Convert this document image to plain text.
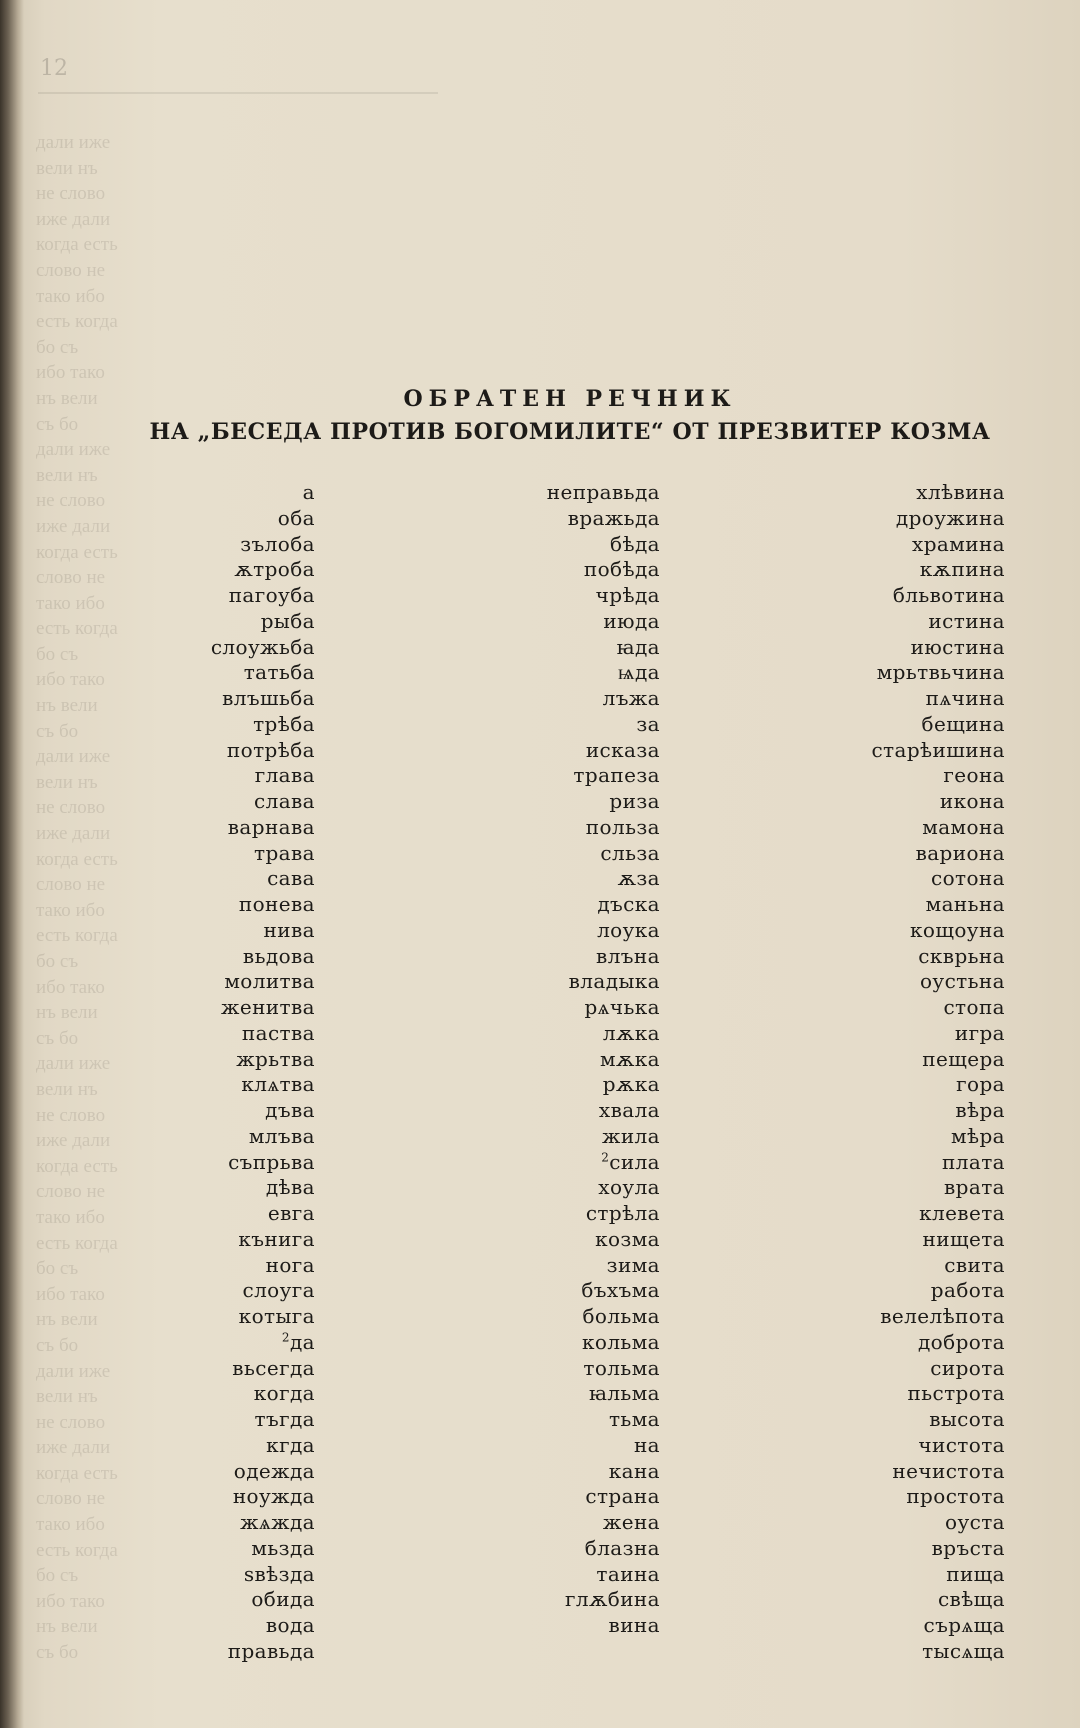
12
дали иже
вели нъ
не слово
иже дали
когда есть
слово не
тако ибо
есть когда
бо съ
ибо тако
нъ вели
съ бо
дали иже
вели нъ
не слово
иже дали
когда есть
слово не
тако ибо
есть когда
бо съ
ибо тако
нъ вели
съ бо
дали иже
вели нъ
не слово
иже дали
когда есть
слово не
тако ибо
есть когда
бо съ
ибо тако
нъ вели
съ бо
дали иже
вели нъ
не слово
иже дали
когда есть
слово не
тако ибо
есть когда
бо съ
ибо тако
нъ вели
съ бо
дали иже
вели нъ
не слово
иже дали
когда есть
слово не
тако ибо
есть когда
бо съ
ибо тако
нъ вели
съ бо
ОБРАТЕН РЕЧНИК
НА „БЕСЕДА ПРОТИВ БОГОМИЛИТЕ“ ОТ ПРЕЗВИТЕР КОЗМА
а
оба
зълоба
ѫтроба
пагоуба
рыба
слоужьба
татьба
влъшьба
трѣба
потрѣба
глава
слава
варнава
трава
сава
понева
нива
вьдова
молитва
женитва
паства
жрьтва
клѧтва
дъва
млъва
съпрьва
дѣва
евга
кънига
нога
слоуга
котыга
$^2$да
вьсегда
когда
тъгда
кгда
одежда
ноужда
жѧжда
мьзда
ѕвѣзда
обида
вода
правьда
неправьда
вражьда
бѣда
побѣда
чрѣда
июда
ꙗда
ѩда
лъжа
за
исказа
трапеза
риза
польза
сльза
ѫза
дъска
лоука
влъна
владыка
рѧчька
лѫка
мѫка
рѫка
хвала
жила
$^2$сила
хоула
стрѣла
козма
зима
бъхъма
больма
кольма
тольма
ꙗльма
тьма
на
кана
страна
жена
блазна
таина
глѫбина
вина
хлѣвина
дроужина
храмина
кѫпина
бльвотина
истина
июстина
мрьтвьчина
пѧчина
бещина
старѣишина
геона
икона
мамона
вариона
сотона
маньна
кощоуна
скврьна
оустьна
стопа
игра
пещера
гора
вѣра
мѣра
плата
врата
клевета
нищета
свита
работа
велелѣпота
доброта
сирота
пьстрота
высота
чистота
нечистота
простота
оуста
връста
пища
свѣща
сърѧща
тысѧща
